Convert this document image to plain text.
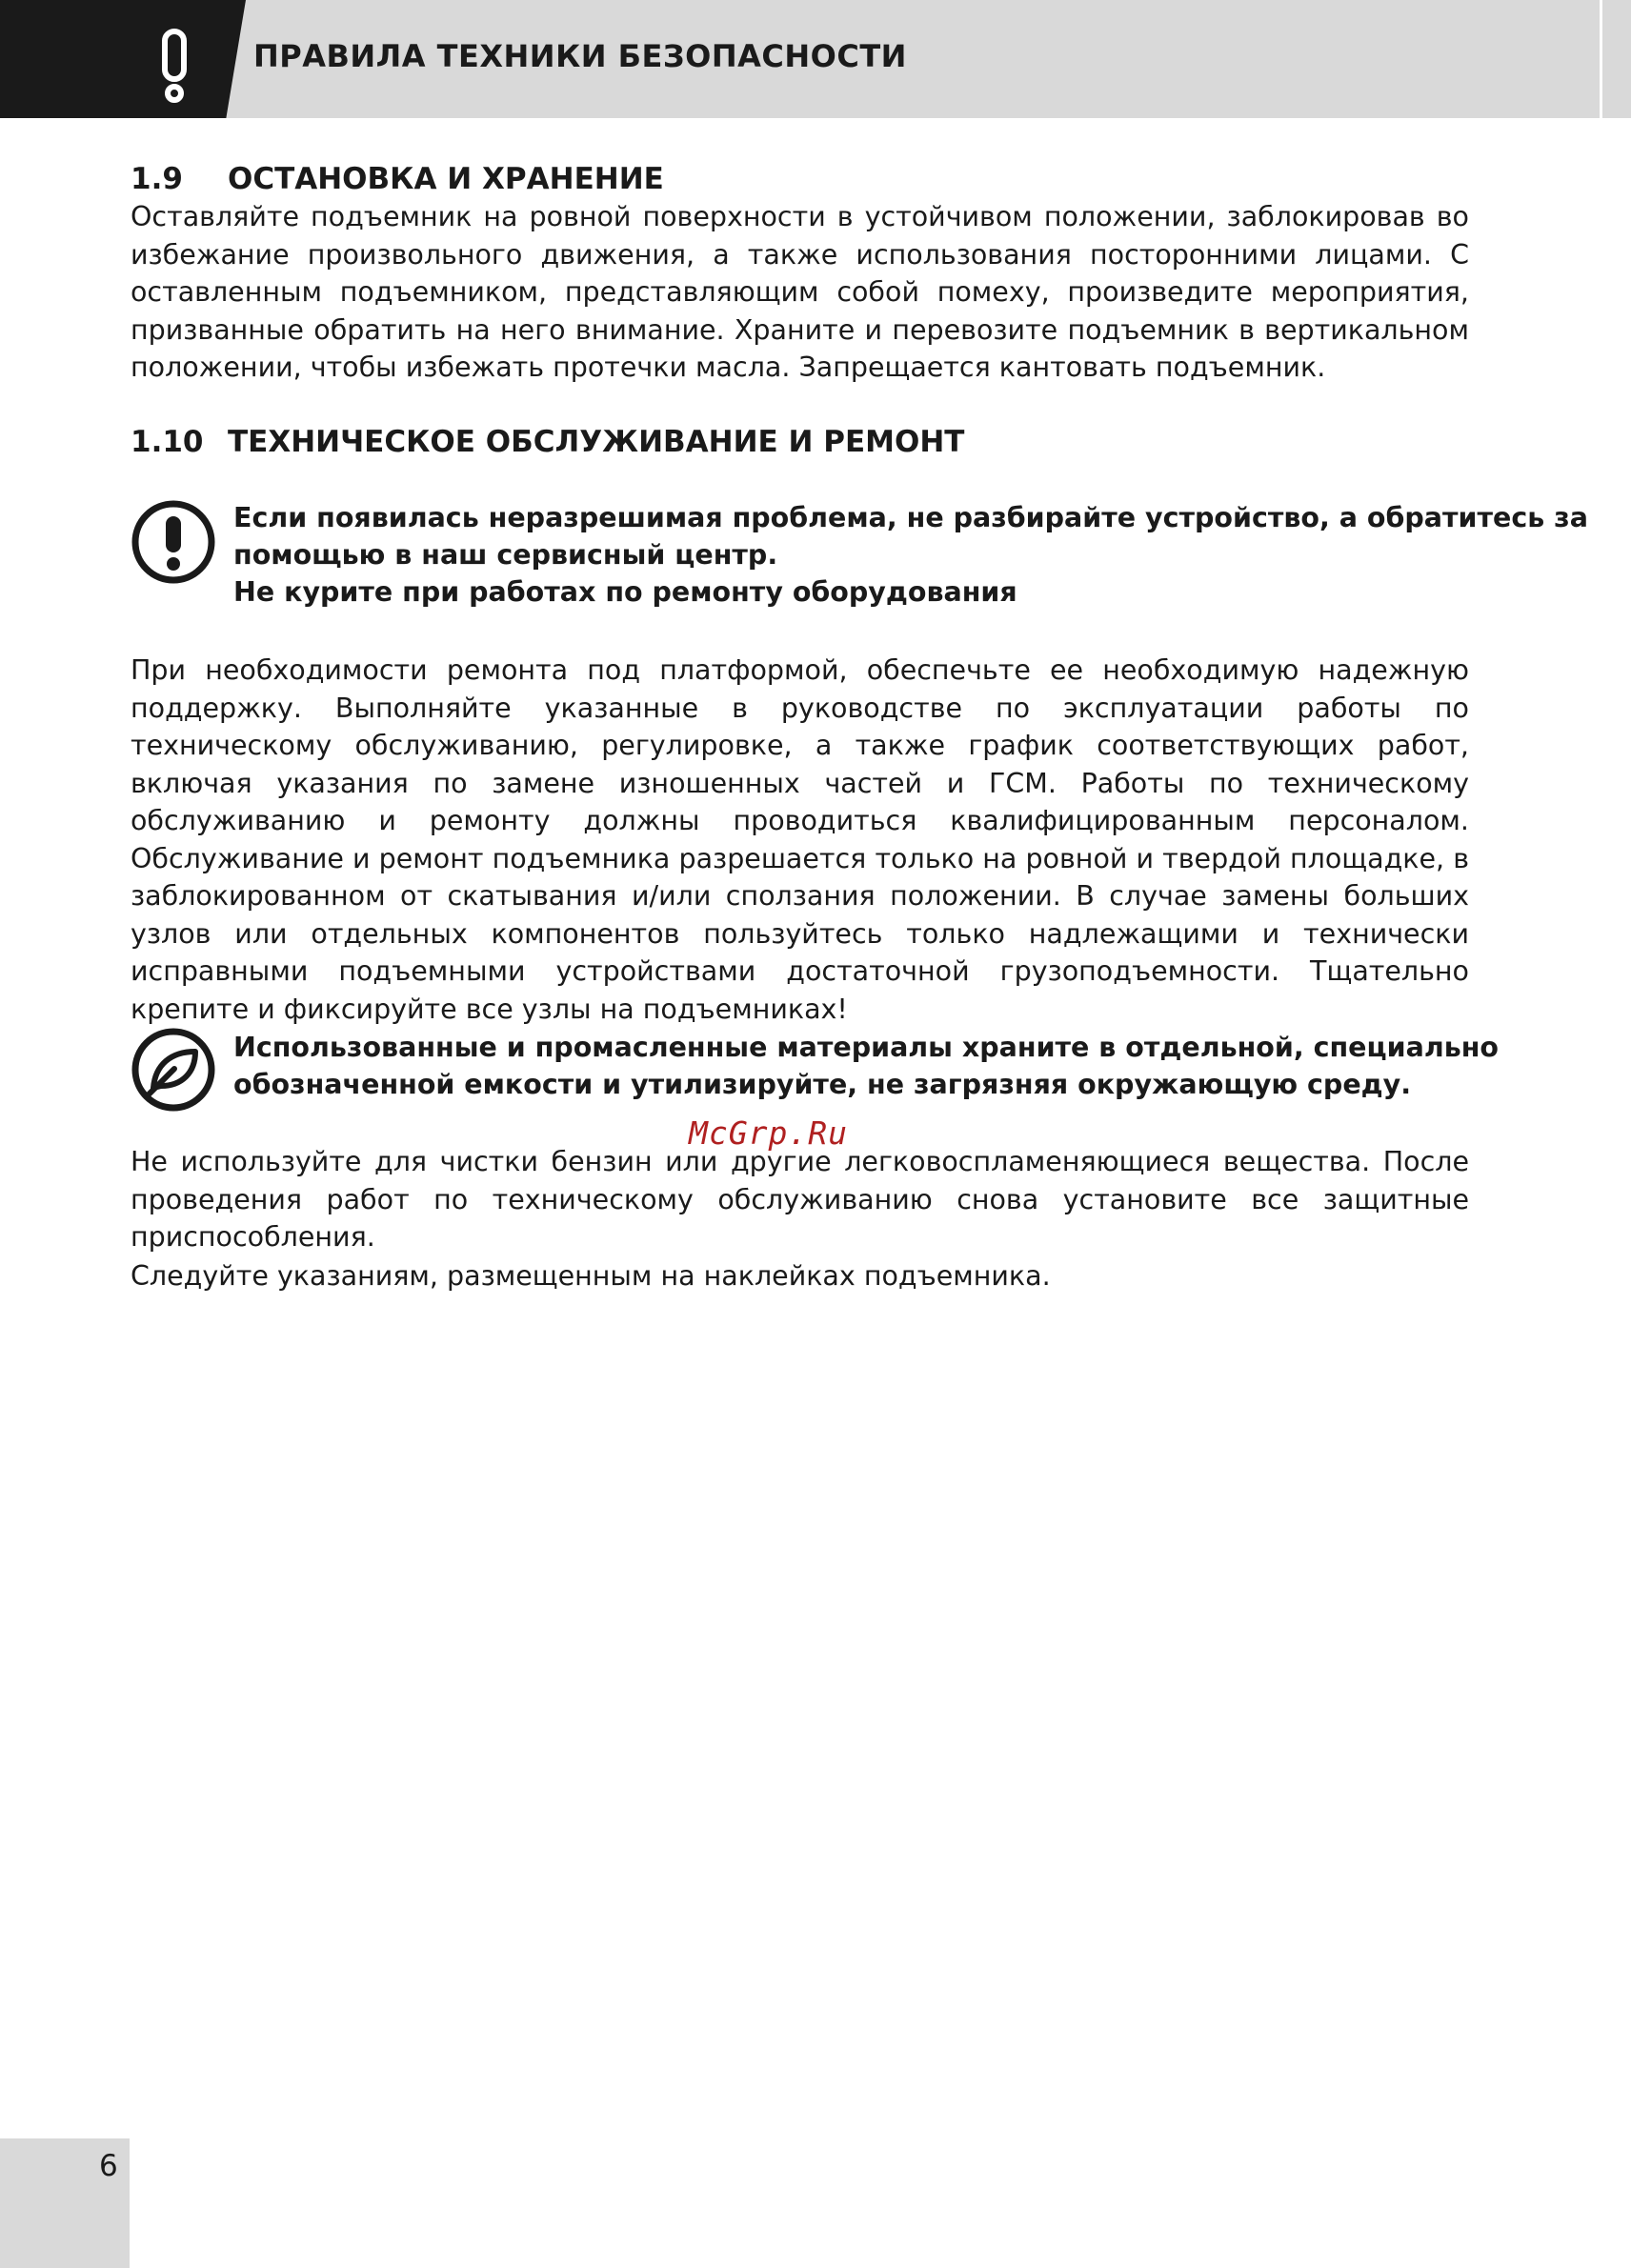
ПРАВИЛА ТЕХНИКИ БЕЗОПАСНОСТИ
1.9	ОСТАНОВКА И ХРАНЕНИЕ

Оставляйте подъемник на ровной поверхности в устойчивом положении, заблокировав во избежание произвольного движения, а также использования посторонними лицами. С оставленным подъемником, представляющим собой помеху, произведите мероприятия, призванные обратить на него внимание. Храните и перевозите подъемник в вертикальном положении, чтобы избежать протечки масла. Запрещается кантовать подъемник.

1.10 ТЕХНИЧЕСКОЕ ОБСЛУЖИВАНИЕ И РЕМОНТ
Если появилась неразрешимая проблема, не разбирайте устройство, а обратитесь за
помощью в наш сервисный центр.
Не курите при работах по ремонту оборудования

При необходимости ремонта под платформой, обеспечьте ее необходимую надежную поддержку. Выполняйте указанные в руководстве по эксплуатации работы по техническому обслуживанию, регулировке, а также график соответствующих работ, включая указания по замене изношенных частей и ГСМ. Работы по техническому обслуживанию и ремонту должны проводиться квалифицированным персоналом. Обслуживание и ремонт подъемника разрешается только на ровной и твердой площадке, в заблокированном от скатывания и/или сползания положении. В случае замены больших узлов или отдельных компонентов пользуйтесь только надлежащими и технически исправными подъемными устройствами достаточной грузоподъемности. Тщательно крепите и фиксируйте все узлы на подъемниках!

Использованные и промасленные материалы храните в отдельной, специально
обозначенной емкости и утилизируйте, не загрязняя окружающую среду.
McGrp.Ru

Не используйте для чистки бензин или другие легковоспламеняющиеся вещества. После проведения работ по техническому обслуживанию снова установите все защитные приспособления.

Следуйте указаниям, размещенным на наклейках подъемника.

6
